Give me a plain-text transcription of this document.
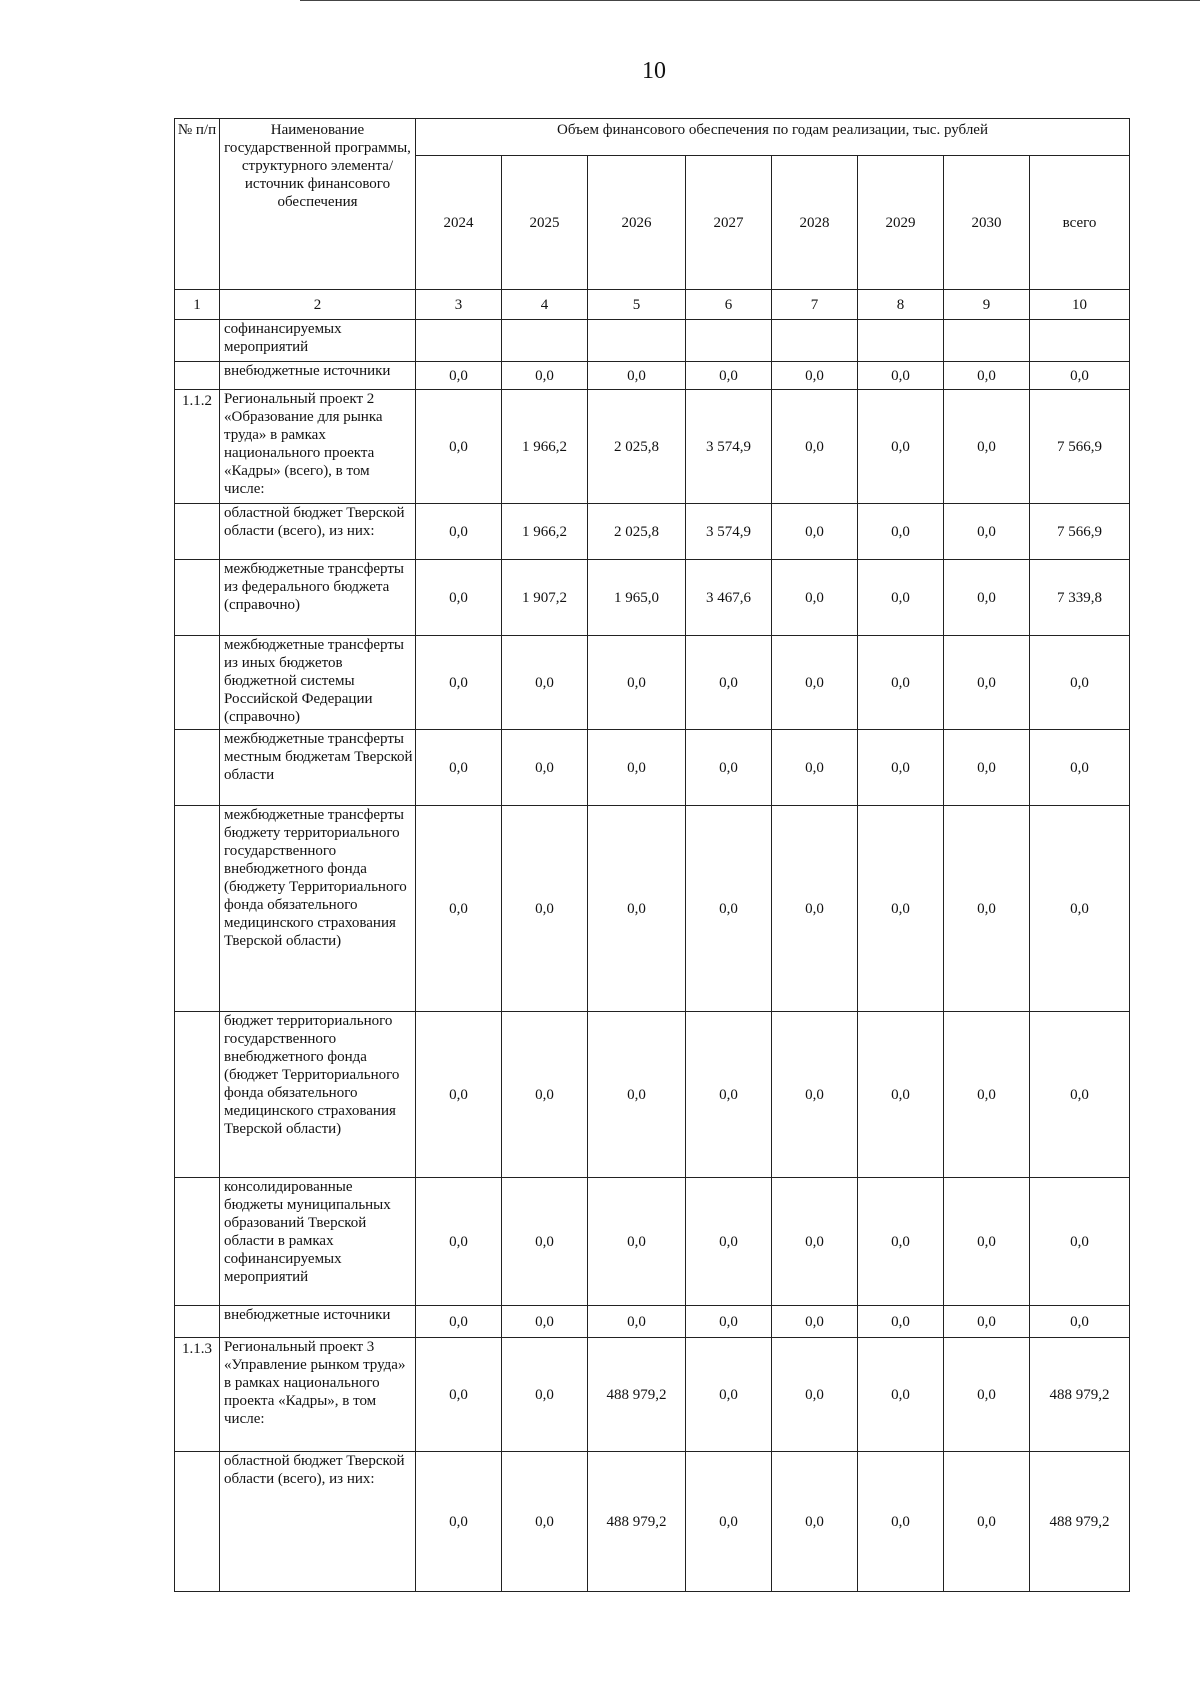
10
№ п/п	Наименование государственной программы, структурного элемента/источник финансового обеспечения	Объем финансового обеспечения по годам реализации, тыс. рублей							
		2024	2025	2026	2027	2028	2029	2030	всего
1	2	3	4	5	6	7	8	9	10
	софинансируемых мероприятий								
	внебюджетные источники	0,0	0,0	0,0	0,0	0,0	0,0	0,0	0,0
1.1.2	Региональный проект 2 «Образование для рынка труда» в рамках национального проекта «Кадры» (всего), в том числе:	0,0	1 966,2	2 025,8	3 574,9	0,0	0,0	0,0	7 566,9
	областной бюджет Тверской области (всего), из них:	0,0	1 966,2	2 025,8	3 574,9	0,0	0,0	0,0	7 566,9
	межбюджетные трансферты из федерального бюджета (справочно)	0,0	1 907,2	1 965,0	3 467,6	0,0	0,0	0,0	7 339,8
	межбюджетные трансферты из иных бюджетов бюджетной системы Российской Федерации (справочно)	0,0	0,0	0,0	0,0	0,0	0,0	0,0	0,0
	межбюджетные трансферты местным бюджетам Тверской области	0,0	0,0	0,0	0,0	0,0	0,0	0,0	0,0
	межбюджетные трансферты бюджету территориального государственного внебюджетного фонда (бюджету Территориального фонда обязательного медицинского страхования Тверской области)	0,0	0,0	0,0	0,0	0,0	0,0	0,0	0,0
	бюджет территориального государственного внебюджетного фонда (бюджет Территориального фонда обязательного медицинского страхования Тверской области)	0,0	0,0	0,0	0,0	0,0	0,0	0,0	0,0
	консолидированные бюджеты муниципальных образований Тверской области в рамках софинансируемых мероприятий	0,0	0,0	0,0	0,0	0,0	0,0	0,0	0,0
	внебюджетные источники	0,0	0,0	0,0	0,0	0,0	0,0	0,0	0,0
1.1.3	Региональный проект 3 «Управление рынком труда» в рамках национального проекта «Кадры», в том числе:	0,0	0,0	488 979,2	0,0	0,0	0,0	0,0	488 979,2
	областной бюджет Тверской области (всего), из них:	0,0	0,0	488 979,2	0,0	0,0	0,0	0,0	488 979,2
